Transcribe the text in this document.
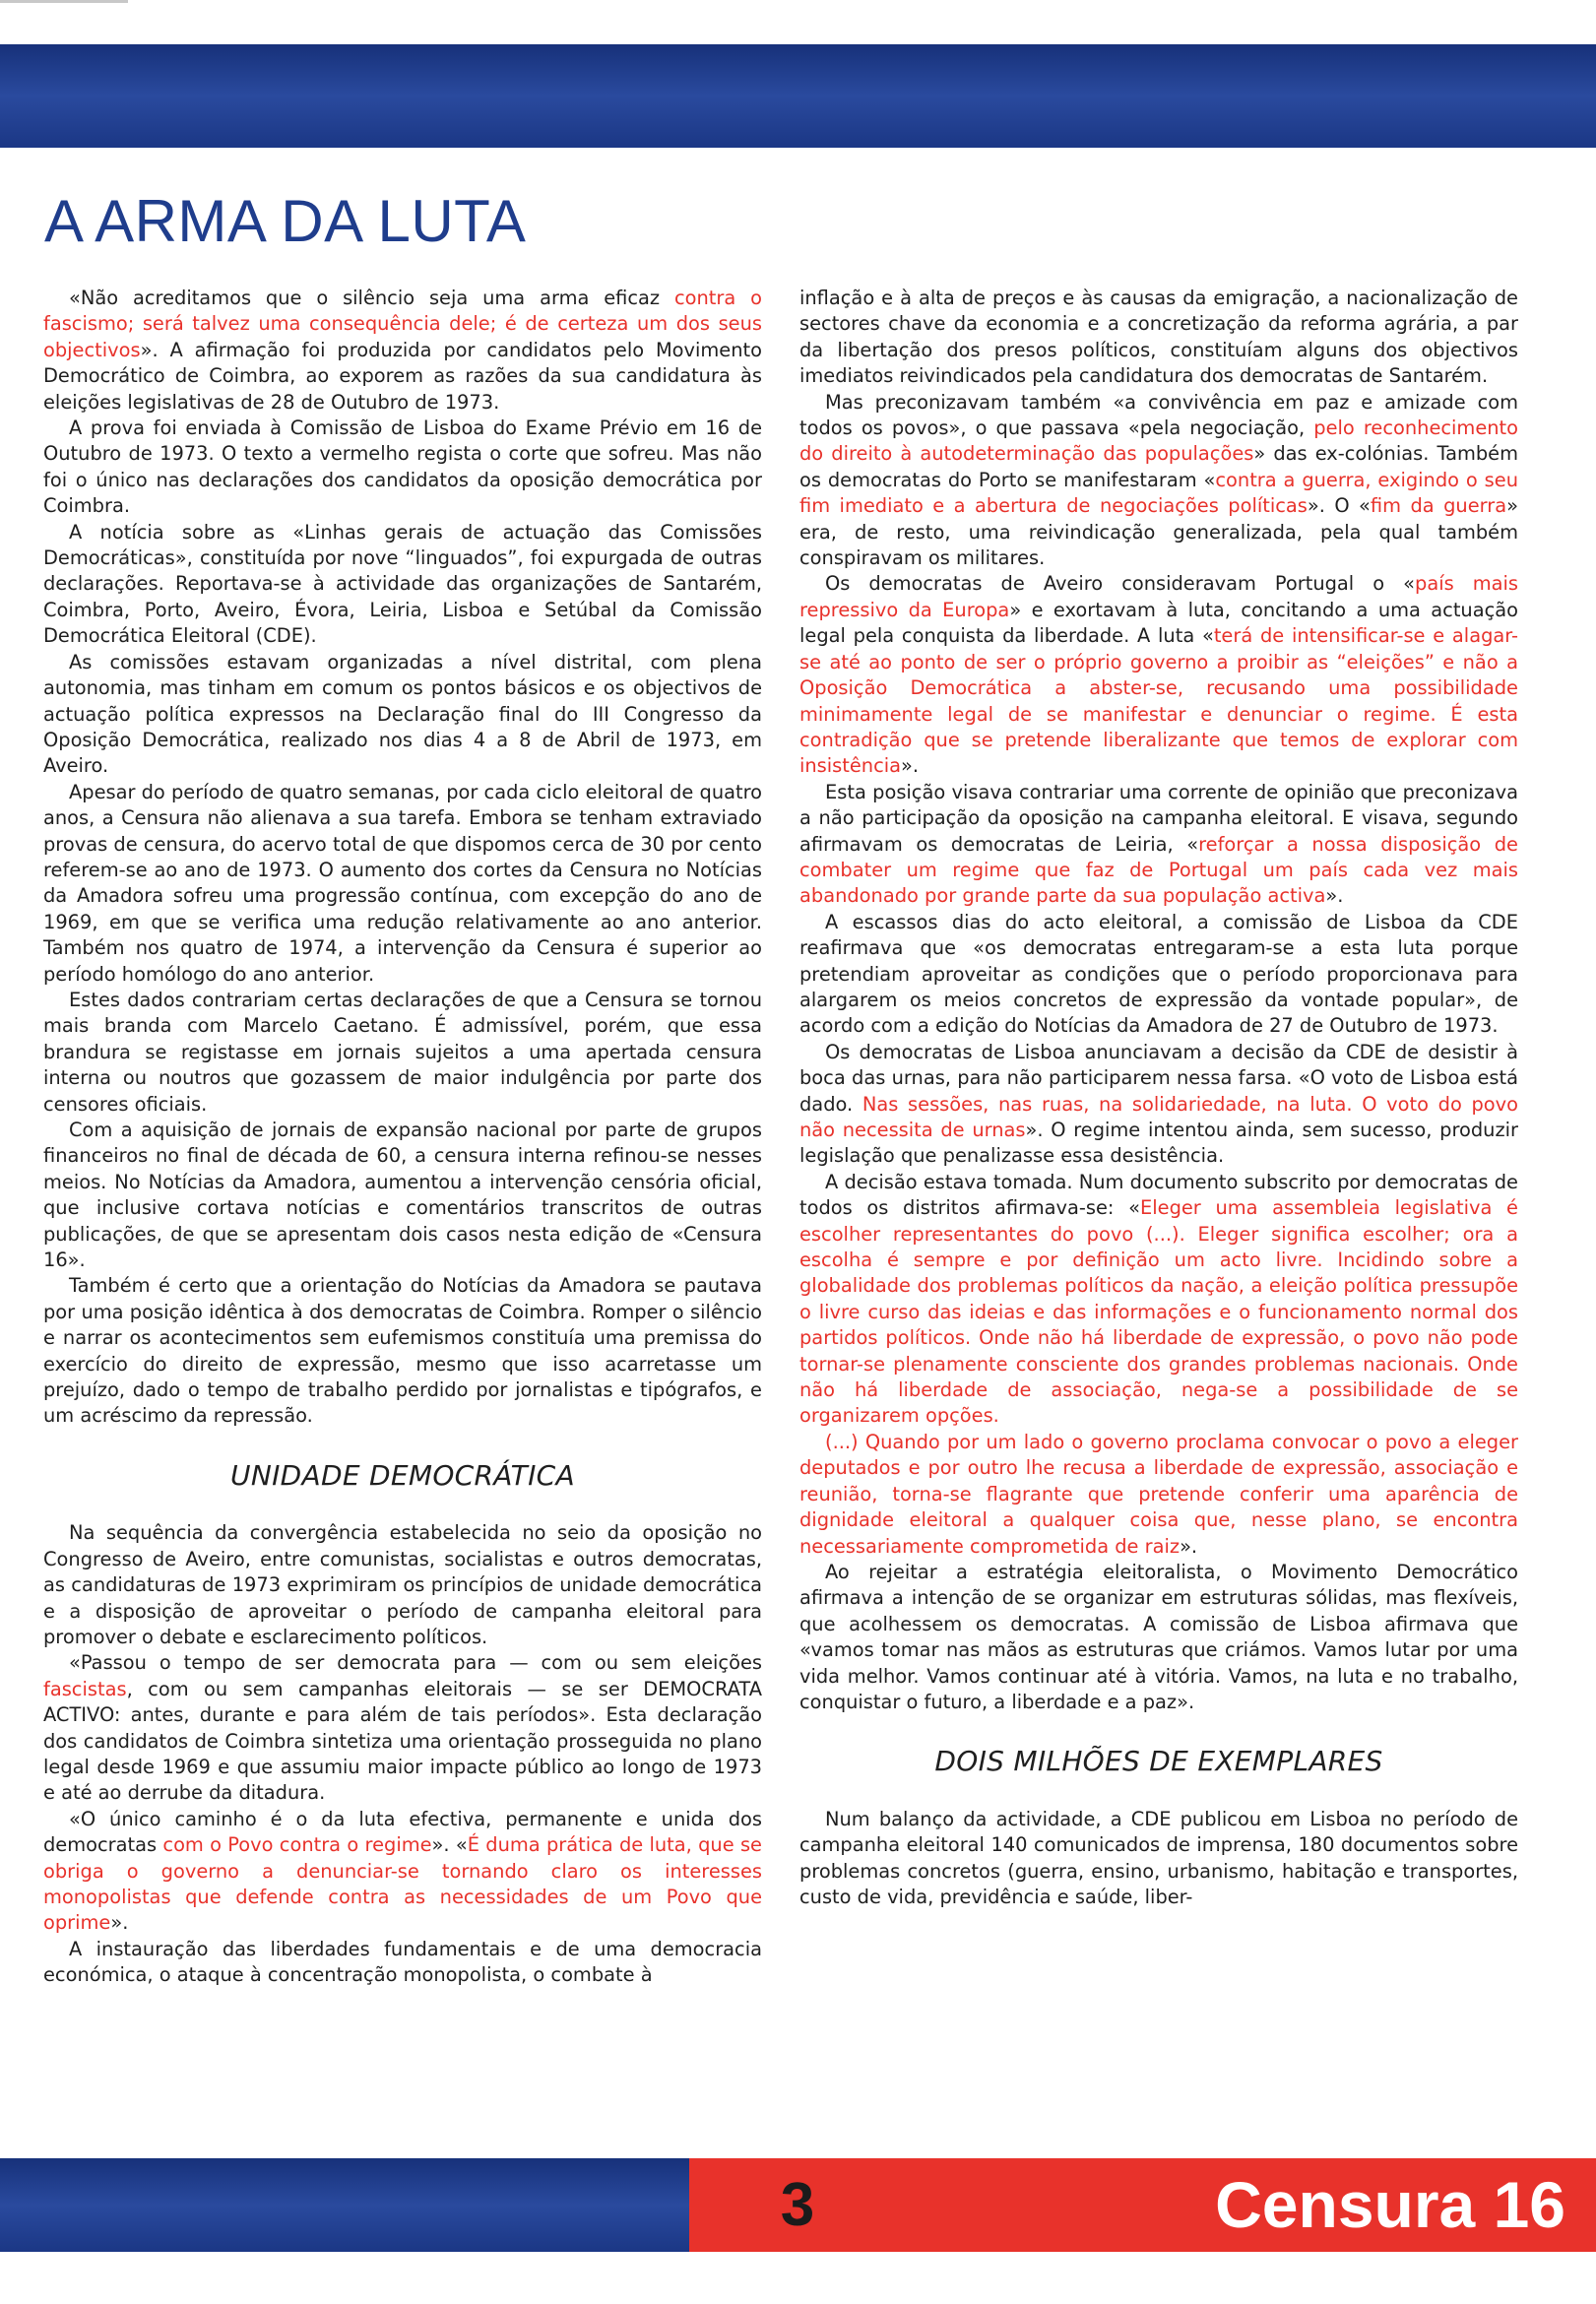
A ARMA DA LUTA

«Não acreditamos que o silêncio seja uma arma eficaz contra o fascismo; será talvez uma consequência dele; é de certeza um dos seus objectivos». A afirmação foi produzida por candidatos pelo Movimento Democrático de Coimbra, ao exporem as razões da sua candidatura às eleições legislativas de 28 de Outubro de 1973.

A prova foi enviada à Comissão de Lisboa do Exame Prévio em 16 de Outubro de 1973. O texto a vermelho regista o corte que sofreu. Mas não foi o único nas declarações dos candidatos da oposição democrática por Coimbra.

A notícia sobre as «Linhas gerais de actuação das Comissões Democráticas», constituída por nove “linguados”, foi expurgada de outras declarações. Reportava-se à actividade das organizações de Santarém, Coimbra, Porto, Aveiro, Évora, Leiria, Lisboa e Setúbal da Comissão Democrática Eleitoral (CDE).

As comissões estavam organizadas a nível distrital, com plena autonomia, mas tinham em comum os pontos básicos e os objectivos de actuação política expressos na Declaração final do III Congresso da Oposição Democrática, realizado nos dias 4 a 8 de Abril de 1973, em Aveiro.

Apesar do período de quatro semanas, por cada ciclo eleitoral de quatro anos, a Censura não alienava a sua tarefa. Embora se tenham extraviado provas de censura, do acervo total de que dispomos cerca de 30 por cento referem-se ao ano de 1973. O aumento dos cortes da Censura no Notícias da Amadora sofreu uma progressão contínua, com excepção do ano de 1969, em que se verifica uma redução relativamente ao ano anterior. Também nos quatro de 1974, a intervenção da Censura é superior ao período homólogo do ano anterior.

Estes dados contrariam certas declarações de que a Censura se tornou mais branda com Marcelo Caetano. É admissível, porém, que essa brandura se registasse em jornais sujeitos a uma apertada censura interna ou noutros que gozassem de maior indulgência por parte dos censores oficiais.

Com a aquisição de jornais de expansão nacional por parte de grupos financeiros no final de década de 60, a censura interna refinou-se nesses meios. No Notícias da Amadora, aumentou a intervenção censória oficial, que inclusive cortava notícias e comentários transcritos de outras publicações, de que se apresentam dois casos nesta edição de «Censura 16».

Também é certo que a orientação do Notícias da Amadora se pautava por uma posição idêntica à dos democratas de Coimbra. Romper o silêncio e narrar os acontecimentos sem eufemismos constituía uma premissa do exercício do direito de expressão, mesmo que isso acarretasse um prejuízo, dado o tempo de trabalho perdido por jornalistas e tipógrafos, e um acréscimo da repressão.

UNIDADE DEMOCRÁTICA

Na sequência da convergência estabelecida no seio da oposição no Congresso de Aveiro, entre comunistas, socialistas e outros democratas, as candidaturas de 1973 exprimiram os princípios de unidade democrática e a disposição de aproveitar o período de campanha eleitoral para promover o debate e esclarecimento políticos.

«Passou o tempo de ser democrata para — com ou sem eleições fascistas, com ou sem campanhas eleitorais — se ser DEMOCRATA ACTIVO: antes, durante e para além de tais períodos». Esta declaração dos candidatos de Coimbra sintetiza uma orientação prosseguida no plano legal desde 1969 e que assumiu maior impacte público ao longo de 1973 e até ao derrube da ditadura.

«O único caminho é o da luta efectiva, permanente e unida dos democratas com o Povo contra o regime». «É duma prática de luta, que se obriga o governo a denunciar-se tornando claro os interesses monopolistas que defende contra as necessidades de um Povo que oprime».

A instauração das liberdades fundamentais e de uma democracia económica, o ataque à concentração monopolista, o combate à

inflação e à alta de preços e às causas da emigração, a nacionalização de sectores chave da economia e a concretização da reforma agrária, a par da libertação dos presos políticos, constituíam alguns dos objectivos imediatos reivindicados pela candidatura dos democratas de Santarém.

Mas preconizavam também «a convivência em paz e amizade com todos os povos», o que passava «pela negociação, pelo reconhecimento do direito à autodeterminação das populações» das ex-colónias. Também os democratas do Porto se manifestaram «contra a guerra, exigindo o seu fim imediato e a abertura de negociações políticas». O «fim da guerra» era, de resto, uma reivindicação generalizada, pela qual também conspiravam os militares.

Os democratas de Aveiro consideravam Portugal o «país mais repressivo da Europa» e exortavam à luta, concitando a uma actuação legal pela conquista da liberdade. A luta «terá de intensificar-se e alagar-se até ao ponto de ser o próprio governo a proibir as “eleições” e não a Oposição Democrática a abster-se, recusando uma possibilidade minimamente legal de se manifestar e denunciar o regime. É esta contradição que se pretende liberalizante que temos de explorar com insistência».

Esta posição visava contrariar uma corrente de opinião que preconizava a não participação da oposição na campanha eleitoral. E visava, segundo afirmavam os democratas de Leiria, «reforçar a nossa disposição de combater um regime que faz de Portugal um país cada vez mais abandonado por grande parte da sua população activa».

A escassos dias do acto eleitoral, a comissão de Lisboa da CDE reafirmava que «os democratas entregaram-se a esta luta porque pretendiam aproveitar as condições que o período proporcionava para alargarem os meios concretos de expressão da vontade popular», de acordo com a edição do Notícias da Amadora de 27 de Outubro de 1973.

Os democratas de Lisboa anunciavam a decisão da CDE de desistir à boca das urnas, para não participarem nessa farsa. «O voto de Lisboa está dado. Nas sessões, nas ruas, na solidariedade, na luta. O voto do povo não necessita de urnas». O regime intentou ainda, sem sucesso, produzir legislação que penalizasse essa desistência.

A decisão estava tomada. Num documento subscrito por democratas de todos os distritos afirmava-se: «Eleger uma assembleia legislativa é escolher representantes do povo (...). Eleger significa escolher; ora a escolha é sempre e por definição um acto livre. Incidindo sobre a globalidade dos problemas políticos da nação, a eleição política pressupõe o livre curso das ideias e das informações e o funcionamento normal dos partidos políticos. Onde não há liberdade de expressão, o povo não pode tornar-se plenamente consciente dos grandes problemas nacionais. Onde não há liberdade de associação, nega-se a possibilidade de se organizarem opções.

(...) Quando por um lado o governo proclama convocar o povo a eleger deputados e por outro lhe recusa a liberdade de expressão, associação e reunião, torna-se flagrante que pretende conferir uma aparência de dignidade eleitoral a qualquer coisa que, nesse plano, se encontra necessariamente comprometida de raiz».

Ao rejeitar a estratégia eleitoralista, o Movimento Democrático afirmava a intenção de se organizar em estruturas sólidas, mas flexíveis, que acolhessem os democratas. A comissão de Lisboa afirmava que «vamos tomar nas mãos as estruturas que criámos. Vamos lutar por uma vida melhor. Vamos continuar até à vitória. Vamos, na luta e no trabalho, conquistar o futuro, a liberdade e a paz».

DOIS MILHÕES DE EXEMPLARES

Num balanço da actividade, a CDE publicou em Lisboa no período de campanha eleitoral 140 comunicados de imprensa, 180 documentos sobre problemas concretos (guerra, ensino, urbanismo, habitação e transportes, custo de vida, previdência e saúde, liber-

3	Censura 16
